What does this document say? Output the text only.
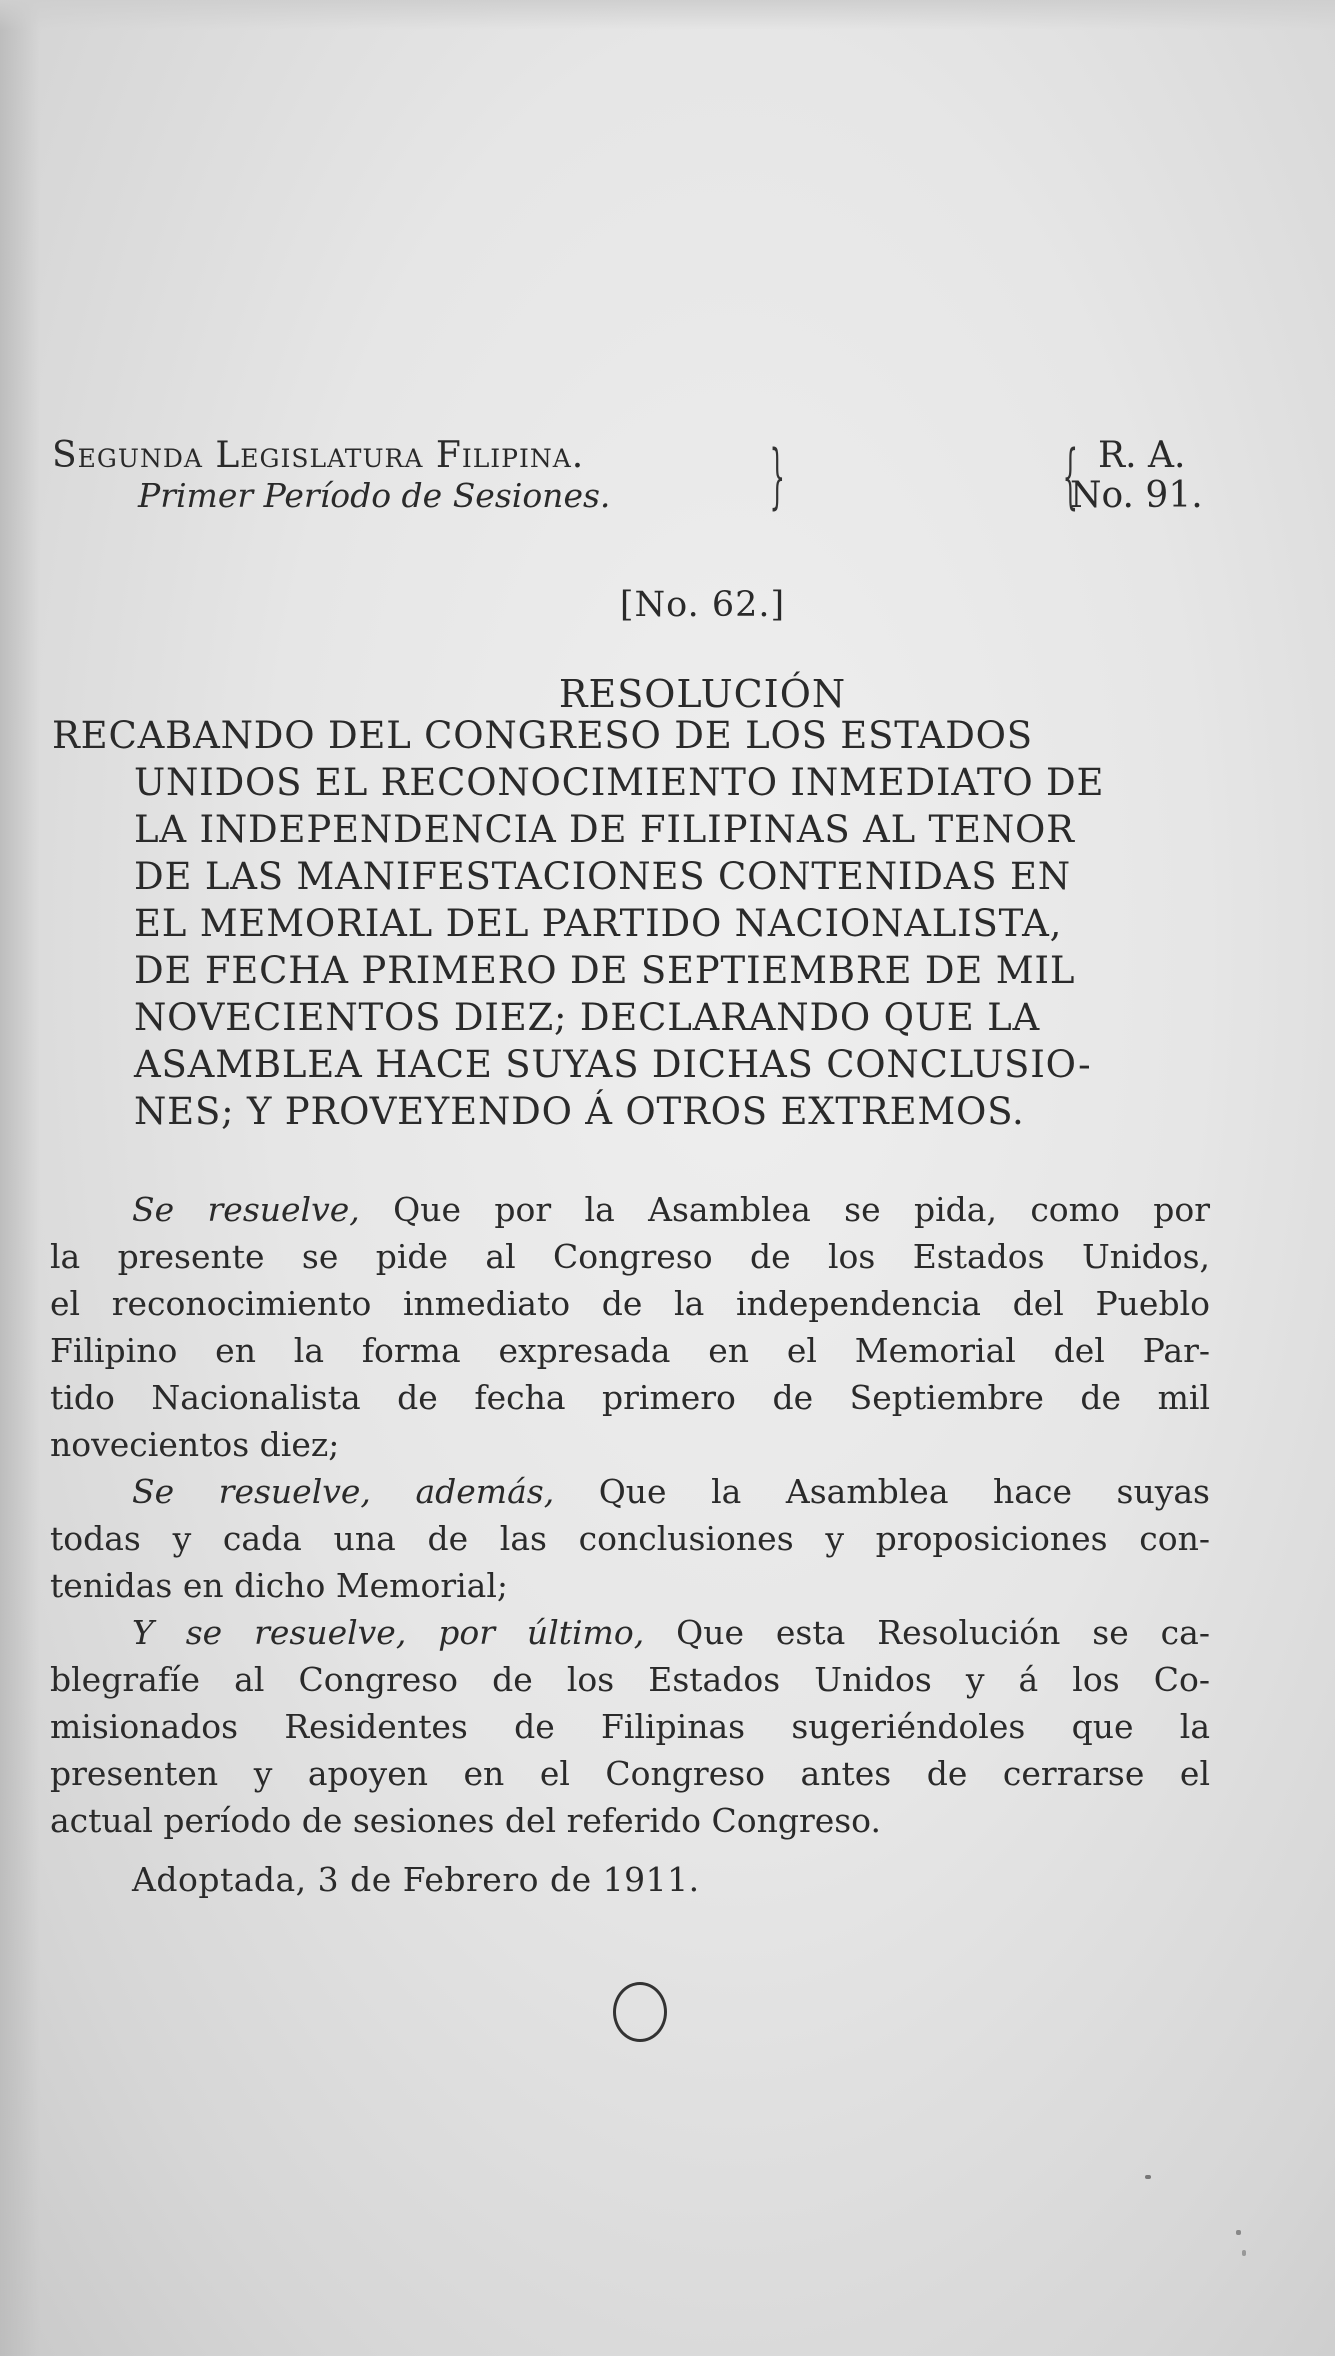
Segunda Legislatura Filipina.
Primer Período de Sesiones.	}	{ R. A.
No. 91.
[No. 62.]
RESOLUCIÓN
RECABANDO DEL CONGRESO DE LOS ESTADOS
UNIDOS EL RECONOCIMIENTO INMEDIATO DE
LA INDEPENDENCIA DE FILIPINAS AL TENOR
DE LAS MANIFESTACIONES CONTENIDAS EN
EL MEMORIAL DEL PARTIDO NACIONALISTA,
DE FECHA PRIMERO DE SEPTIEMBRE DE MIL
NOVECIENTOS DIEZ; DECLARANDO QUE LA
ASAMBLEA HACE SUYAS DICHAS CONCLUSIO-
NES; Y PROVEYENDO Á OTROS EXTREMOS.
Se resuelve, Que por la Asamblea se pida, como por
la presente se pide al Congreso de los Estados Unidos,
el reconocimiento inmediato de la independencia del Pueblo
Filipino en la forma expresada en el Memorial del Par-
tido Nacionalista de fecha primero de Septiembre de mil
novecientos diez;
Se resuelve, además, Que la Asamblea hace suyas
todas y cada una de las conclusiones y proposiciones con-
tenidas en dicho Memorial;
Y se resuelve, por último, Que esta Resolución se ca-
blegrafíe al Congreso de los Estados Unidos y á los Co-
misionados Residentes de Filipinas sugeriéndoles que la
presenten y apoyen en el Congreso antes de cerrarse el
actual período de sesiones del referido Congreso.
Adoptada, 3 de Febrero de 1911.
